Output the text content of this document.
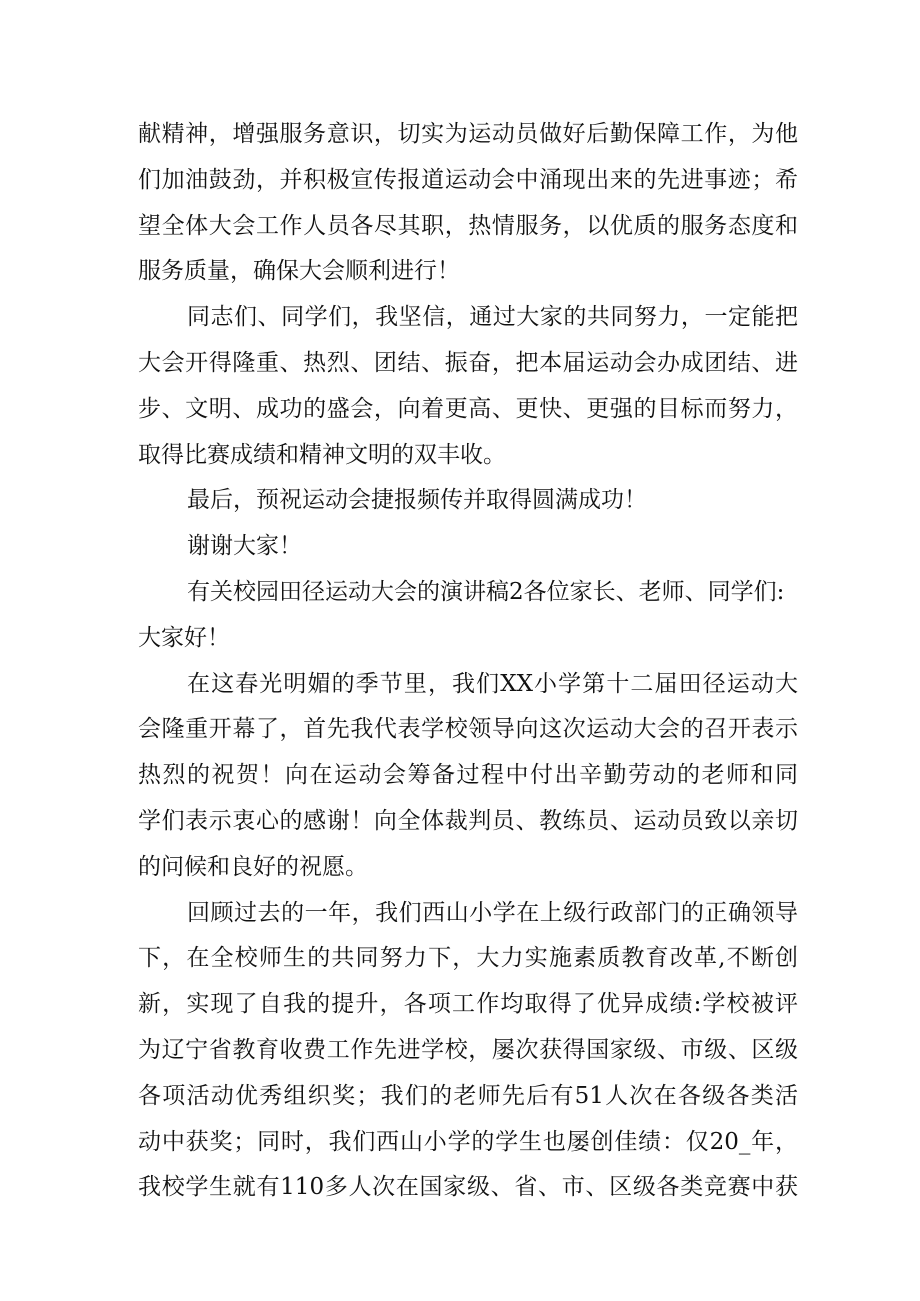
献精神，增强服务意识，切实为运动员做好后勤保障工作，为他
们加油鼓劲，并积极宣传报道运动会中涌现出来的先进事迹；希
望全体大会工作人员各尽其职，热情服务，以优质的服务态度和
服务质量，确保大会顺利进行！
同志们、同学们，我坚信，通过大家的共同努力，一定能把
大会开得隆重、热烈、团结、振奋，把本届运动会办成团结、进
步、文明、成功的盛会，向着更高、更快、更强的目标而努力，
取得比赛成绩和精神文明的双丰收。
最后，预祝运动会捷报频传并取得圆满成功！
谢谢大家！
有关校园田径运动大会的演讲稿2各位家长、老师、同学们:
大家好！
在这春光明媚的季节里，我们XX小学第十二届田径运动大
会隆重开幕了，首先我代表学校领导向这次运动大会的召开表示
热烈的祝贺！向在运动会筹备过程中付出辛勤劳动的老师和同
学们表示衷心的感谢！向全体裁判员、教练员、运动员致以亲切
的问候和良好的祝愿。
回顾过去的一年，我们西山小学在上级行政部门的正确领导
下，在全校师生的共同努力下，大力实施素质教育改革,不断创
新，实现了自我的提升，各项工作均取得了优异成绩:学校被评
为辽宁省教育收费工作先进学校，屡次获得国家级、市级、区级
各项活动优秀组织奖；我们的老师先后有51人次在各级各类活
动中获奖；同时，我们西山小学的学生也屡创佳绩：仅20_年，
我校学生就有110多人次在国家级、省、市、区级各类竞赛中获
